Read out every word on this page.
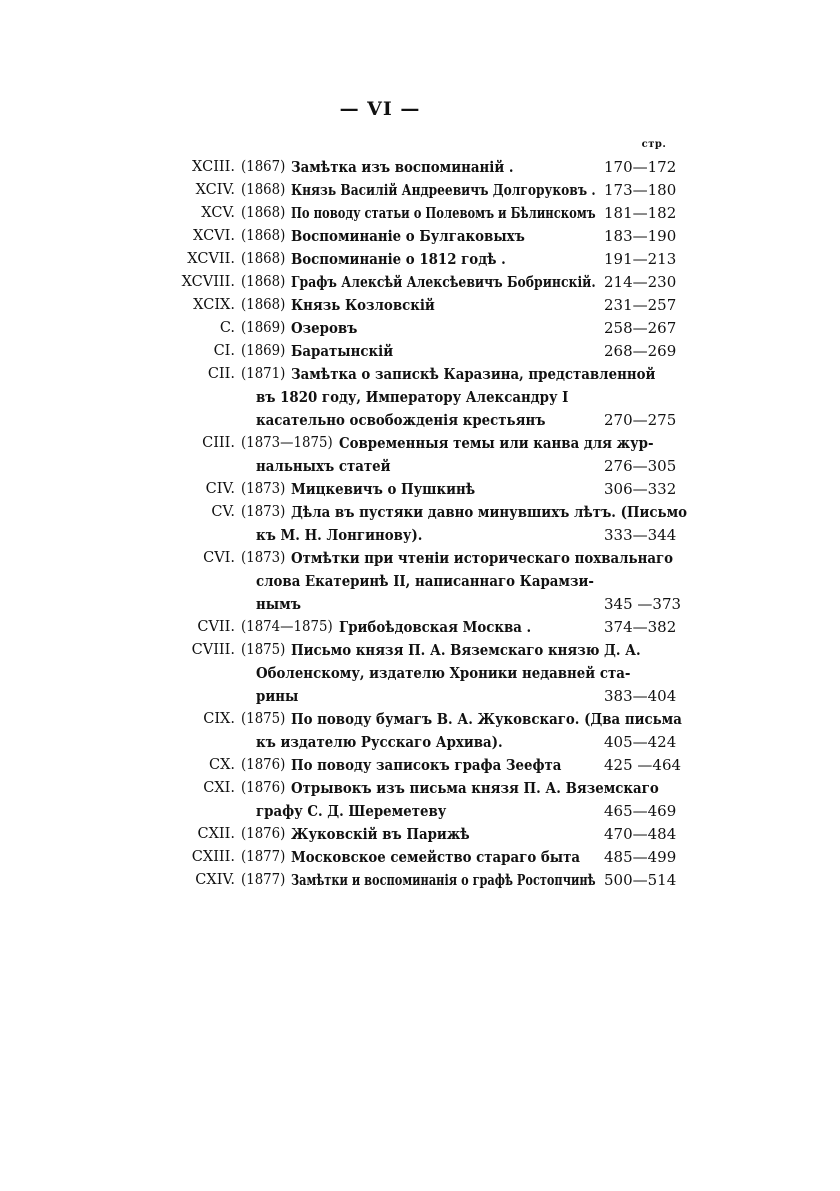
— VI —
стр.
XCIII. (1867) Замѣтка изъ воспоминаній .	170—172
XCIV. (1868) Князь Василій Андреевичъ Долгоруковъ . 173—180
XCV. (1868) По поводу статьи о Полевомъ и Бѣлинскомъ 181—182
XCVI. (1868) Воспоминаніе о Булгаковыхъ	183—190
XCVII. (1868) Воспоминаніе о 1812 годѣ .	191—213
XCVIII. (1868) Графъ Алексѣй Алексѣевичъ Бобринскій. 214—230
XCIX. (1868) Князь Козловскій	231—257
C. (1869) Озеровъ	258—267
CI. (1869) Баратынскій	268—269
CII. (1871) Замѣтка о запискѣ Каразина, представленной
въ 1820 году, Императору Александру I
касательно освобожденія крестьянъ	270—275
CIII. (1873—1875) Современныя темы или канва для жур-
нальныхъ статей	276—305
CIV. (1873) Мицкевичъ о Пушкинѣ	306—332
CV. (1873) Дѣла въ пустяки давно минувшихъ лѣтъ. (Письмо
къ М. Н. Лонгинову).	333—344
CVI. (1873) Отмѣтки при чтеніи историческаго похвальнаго
слова Екатеринѣ II, написаннаго Карамзи-
нымъ	345 —373
CVII. (1874—1875) Грибоѣдовская Москва .	374—382
CVIII. (1875) Письмо князя П. А. Вяземскаго князю Д. А.
Оболенскому, издателю Хроники недавней ста-
рины	383—404
CIX. (1875) По поводу бумагъ В. А. Жуковскаго. (Два письма
къ издателю Русскаго Архива).	405—424
CX. (1876) По поводу записокъ графа Зеефта	425 —464
CXI. (1876) Отрывокъ изъ письма князя П. А. Вяземскаго
графу С. Д. Шереметеву	465—469
CXII. (1876) Жуковскій въ Парижѣ	470—484
CXIII. (1877) Московское семейство стараго быта 485—499
CXIV. (1877) Замѣтки и воспоминанія о графѣ Ростопчинѣ 500—514
